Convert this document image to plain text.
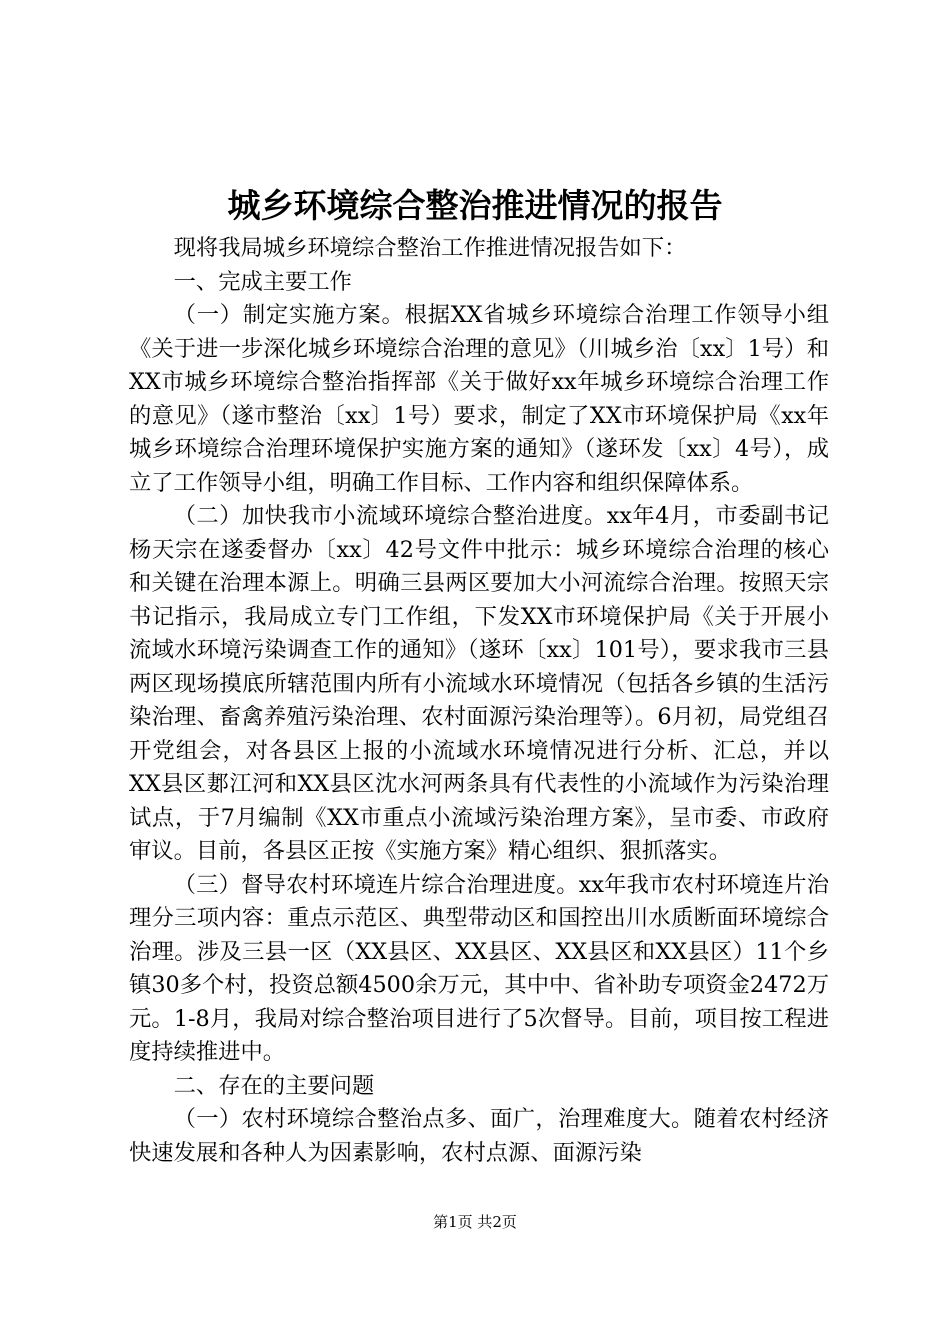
城乡环境综合整治推进情况的报告

现将我局城乡环境综合整治工作推进情况报告如下：

一、完成主要工作

（一）制定实施方案。根据XX省城乡环境综合治理工作领导小组《关于进一步深化城乡环境综合治理的意见》（川城乡治〔xx〕1号）和XX市城乡环境综合整治指挥部《关于做好xx年城乡环境综合治理工作的意见》（遂市整治〔xx〕1号）要求，制定了XX市环境保护局《xx年城乡环境综合治理环境保护实施方案的通知》（遂环发〔xx〕4号），成立了工作领导小组，明确工作目标、工作内容和组织保障体系。

（二）加快我市小流域环境综合整治进度。xx年4月，市委副书记杨天宗在遂委督办〔xx〕42号文件中批示：城乡环境综合治理的核心和关键在治理本源上。明确三县两区要加大小河流综合治理。按照天宗书记指示，我局成立专门工作组，下发XX市环境保护局《关于开展小流域水环境污染调查工作的通知》（遂环〔xx〕101号），要求我市三县两区现场摸底所辖范围内所有小流域水环境情况（包括各乡镇的生活污染治理、畜禽养殖污染治理、农村面源污染治理等）。6月初，局党组召开党组会，对各县区上报的小流域水环境情况进行分析、汇总，并以XX县区郪江河和XX县区沈水河两条具有代表性的小流域作为污染治理试点，于7月编制《XX市重点小流域污染治理方案》，呈市委、市政府审议。目前，各县区正按《实施方案》精心组织、狠抓落实。

（三）督导农村环境连片综合治理进度。xx年我市农村环境连片治理分三项内容：重点示范区、典型带动区和国控出川水质断面环境综合治理。涉及三县一区（XX县区、XX县区、XX县区和XX县区）11个乡镇30多个村，投资总额4500余万元，其中中、省补助专项资金2472万元。1-8月，我局对综合整治项目进行了5次督导。目前，项目按工程进度持续推进中。

二、存在的主要问题

（一）农村环境综合整治点多、面广，治理难度大。随着农村经济快速发展和各种人为因素影响，农村点源、面源污染

第1页 共2页
